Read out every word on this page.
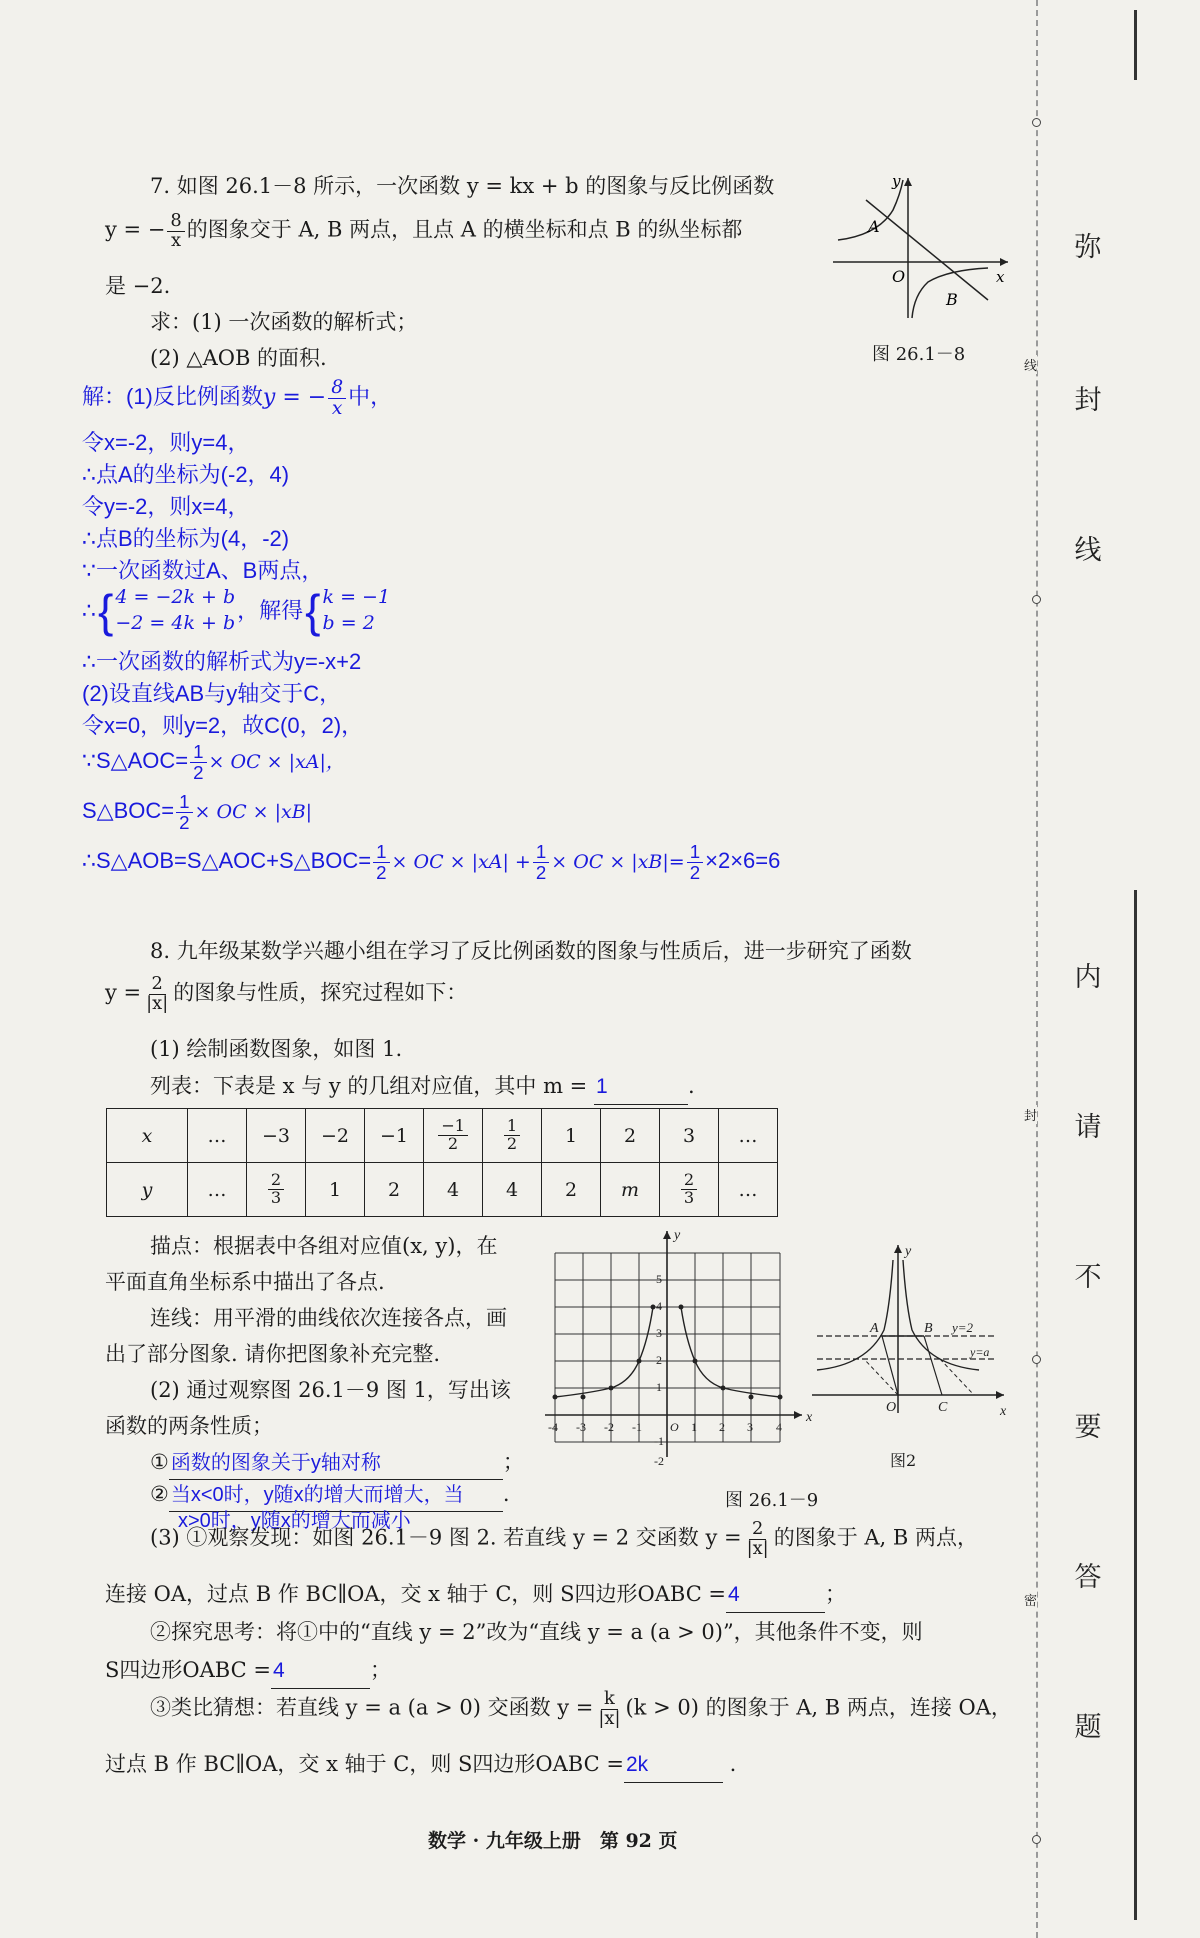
弥
封
线
线
内
请
不
要
答
题
封
密
7. 如图 26.1－8 所示，一次函数 y = kx + b 的图象与反比例函数
y = − $\frac{8}{x}$ 的图象交于 A, B 两点，且点 A 的横坐标和点 B 的纵坐标都
是 −2.
求：(1) 一次函数的解析式；
(2) △AOB 的面积.
y
x
A
B
O
图 26.1－8
解：(1)反比例函数y = − $\frac{8}{x}$ 中，
令x=-2，则y=4，
∴点A的坐标为(-2，4)
令y=-2，则x=4，
∴点B的坐标为(4，-2)
∵一次函数过A、B两点，
∴ { 4 = −2k + b
−2 = 4k + b ，解得 { k = −1
b = 2
∴一次函数的解析式为y=-x+2
(2)设直线AB与y轴交于C，
令x=0，则y=2，故C(0，2)，
∵S△AOC= $\frac{1}{2}$ × OC × |xA|，
S△BOC= $\frac{1}{2}$ × OC × |xB|
∴S△AOB=S△AOC+S△BOC= $\frac{1}{2}$ × OC × $|xA| + \frac{1}{2}$ × OC × $|xB|= \frac{1}{2} \times 2\times 6=6$
8. 九年级某数学兴趣小组在学习了反比例函数的图象与性质后，进一步研究了函数
$y = \frac{2}{|x|}$ 的图象与性质，探究过程如下：
(1) 绘制函数图象，如图 1.
列表：下表是 x 与 y 的几组对应值，其中 m = 1	.
x	…	−3	−2	−1	$\frac{-1}{2}$	$\frac{1}{2}$	1	2	3	…
y	…	$\frac{2}{3}$	1	2	4	4	2	m	$\frac{2}{3}$	…
描点：根据表中各组对应值(x, y)，在
平面直角坐标系中描出了各点.
连线：用平滑的曲线依次连接各点，画
出了部分图象. 请你把图象补充完整.
(2) 通过观察图 26.1－9 图 1，写出该
函数的两条性质；
① 函数的图象关于y轴对称	；
② 当x<0时，y随x的增大而增大，当 .
x>0时，y随x的增大而减小
-4 -3 -2 -1 O 1 2 3 4
5
4
3
2
1
-1
-2
y
x
y
x
A	B y=2
y=a
O	C
图2
图 26.1－9
(3) ①观察发现：如图 26.1－9 图 2. 若直线 y = 2 交函数 $y = \frac{2}{|x|}$ 的图象于 A, B 两点，
连接 OA，过点 B 作 BC∥OA，交 x 轴于 C，则 S四边形OABC =4	；
②探究思考：将①中的“直线 y = 2”改为“直线 y = a (a > 0)”，其他条件不变，则
S四边形OABC =4	；
③类比猜想：若直线 y = a (a > 0) 交函数 $y = \frac{k}{|x|} (k > 0)$ 的图象于 A, B 两点，连接 OA，
过点 B 作 BC∥OA，交 x 轴于 C，则 S四边形OABC =2k	.
数学 · 九年级上册　第 92 页
